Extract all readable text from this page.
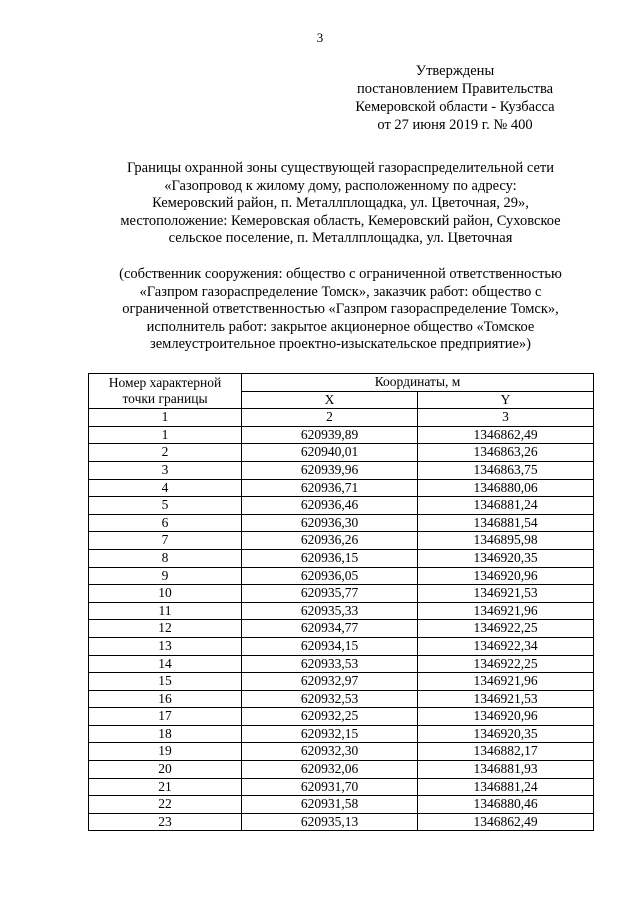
3
Утверждены
постановлением Правительства
Кемеровской области - Кузбасса
от 27 июня 2019 г. № 400
Границы охранной зоны существующей газораспределительной сети
«Газопровод к жилому дому, расположенному по адресу:
Кемеровский район, п. Металлплощадка, ул. Цветочная, 29»,
местоположение: Кемеровская область, Кемеровский район, Суховское
сельское поселение, п. Металлплощадка, ул. Цветочная
(собственник сооружения: общество с ограниченной ответственностью
«Газпром газораспределение Томск», заказчик работ: общество с
ограниченной ответственностью «Газпром газораспределение Томск»,
исполнитель работ: закрытое акционерное общество «Томское
землеустроительное проектно-изыскательское предприятие»)
Номер характерной
точки границы	Координаты, м	
	X	Y
1	2	3
1	620939,89	1346862,49
2	620940,01	1346863,26
3	620939,96	1346863,75
4	620936,71	1346880,06
5	620936,46	1346881,24
6	620936,30	1346881,54
7	620936,26	1346895,98
8	620936,15	1346920,35
9	620936,05	1346920,96
10	620935,77	1346921,53
11	620935,33	1346921,96
12	620934,77	1346922,25
13	620934,15	1346922,34
14	620933,53	1346922,25
15	620932,97	1346921,96
16	620932,53	1346921,53
17	620932,25	1346920,96
18	620932,15	1346920,35
19	620932,30	1346882,17
20	620932,06	1346881,93
21	620931,70	1346881,24
22	620931,58	1346880,46
23	620935,13	1346862,49
